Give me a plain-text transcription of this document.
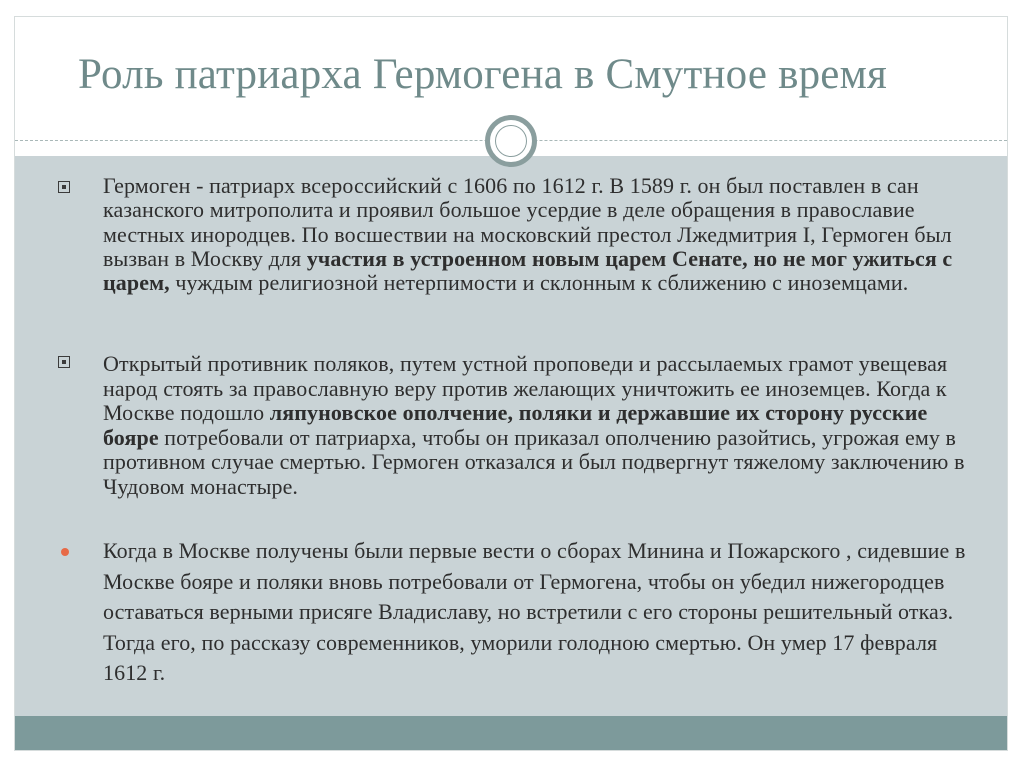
Роль патриарха Гермогена в Смутное время

Гермоген - патриарх всероссийский с 1606 по 1612 г. В 1589 г. он был поставлен в сан казанского митрополита и проявил большое усердие в деле обращения в православие местных инородцев. По восшествии на московский престол Лжедмитрия I, Гермоген был вызван в Москву для участия в устроенном новым царем Сенате, но не мог ужиться с царем, чуждым религиозной нетерпимости и склонным к сближению с иноземцами.

Открытый противник поляков, путем устной проповеди и рассылаемых грамот увещевая народ стоять за православную веру против желающих уничтожить ее иноземцев. Когда к Москве подошло ляпуновское ополчение, поляки и державшие их сторону русские бояре потребовали от патриарха, чтобы он приказал ополчению разойтись, угрожая ему в противном случае смертью. Гермоген отказался и был подвергнут тяжелому заключению в Чудовом монастыре.

Когда в Москве получены были первые вести о сборах Минина и Пожарского , сидевшие в Москве бояре и поляки вновь потребовали от Гермогена, чтобы он убедил нижегородцев оставаться верными присяге Владиславу, но встретили с его стороны решительный отказ. Тогда его, по рассказу современников, уморили голодною смертью. Он умер 17 февраля 1612 г.
